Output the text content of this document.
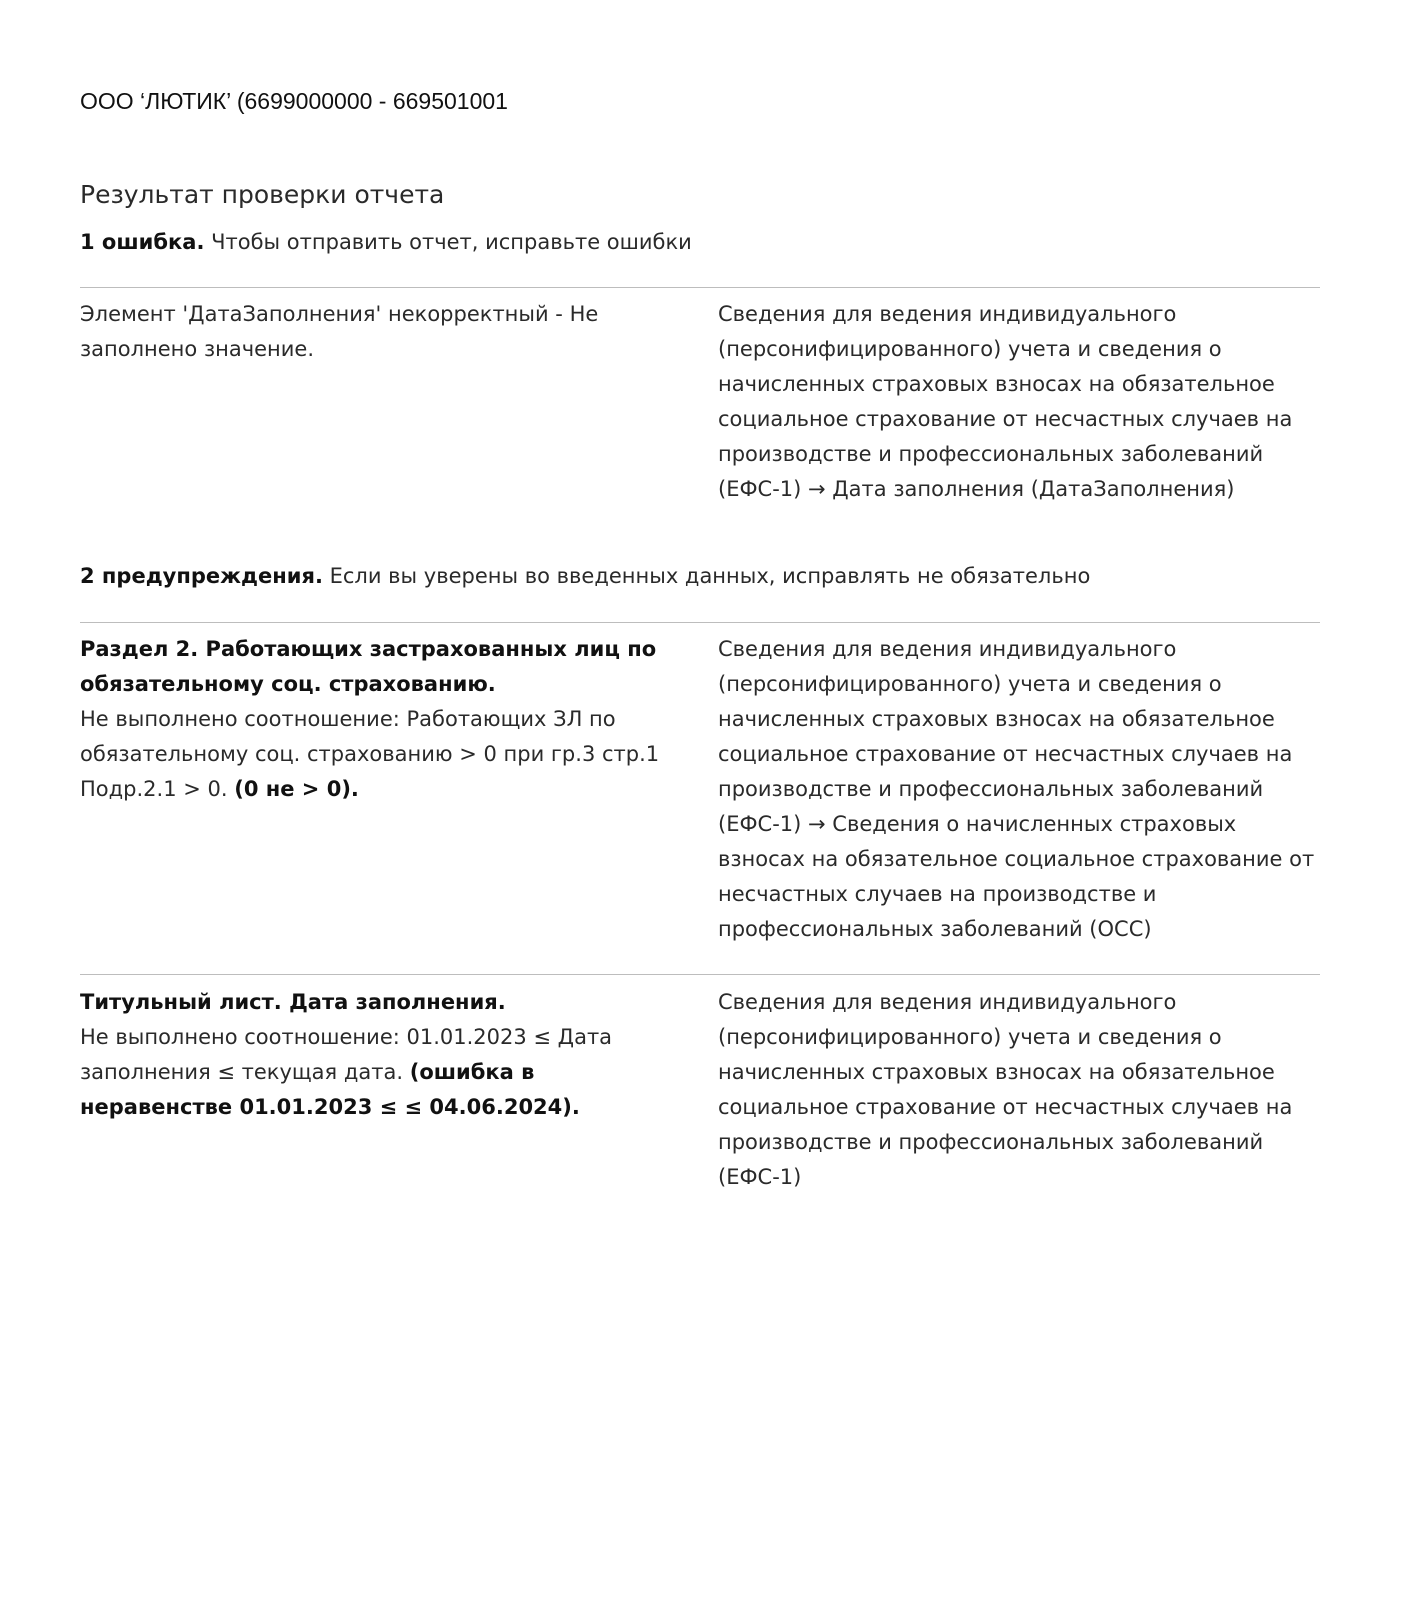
ООО ‘ЛЮТИК’ (6699000000 - 669501001
Результат проверки отчета
1 ошибка. Чтобы отправить отчет, исправьте ошибки
Элемент 'ДатаЗаполнения' некорректный - Не заполнено значение.
Сведения для ведения индивидуального (персонифицированного) учета и сведения о начисленных страховых взносах на обязательное социальное страхование от несчастных случаев на производстве и профессиональных заболеваний (ЕФС-1) → Дата заполнения (ДатаЗаполнения)
2 предупреждения. Если вы уверены во введенных данных, исправлять не обязательно
Раздел 2. Работающих застрахованных лиц по обязательному соц. страхованию.
Не выполнено соотношение: Работающих ЗЛ по обязательному соц. страхованию > 0 при гр.3 стр.1 Подр.2.1 > 0. (0 не > 0).
Сведения для ведения индивидуального (персонифицированного) учета и сведения о начисленных страховых взносах на обязательное социальное страхование от несчастных случаев на производстве и профессиональных заболеваний (ЕФС-1) → Сведения о начисленных страховых взносах на обязательное социальное страхование от несчастных случаев на производстве и профессиональных заболеваний (ОСС)
Титульный лист. Дата заполнения.
Не выполнено соотношение: 01.01.2023 ≤ Дата заполнения ≤ текущая дата. (ошибка в неравенстве 01.01.2023 ≤ ≤ 04.06.2024).
Сведения для ведения индивидуального (персонифицированного) учета и сведения о начисленных страховых взносах на обязательное социальное страхование от несчастных случаев на производстве и профессиональных заболеваний (ЕФС-1)
